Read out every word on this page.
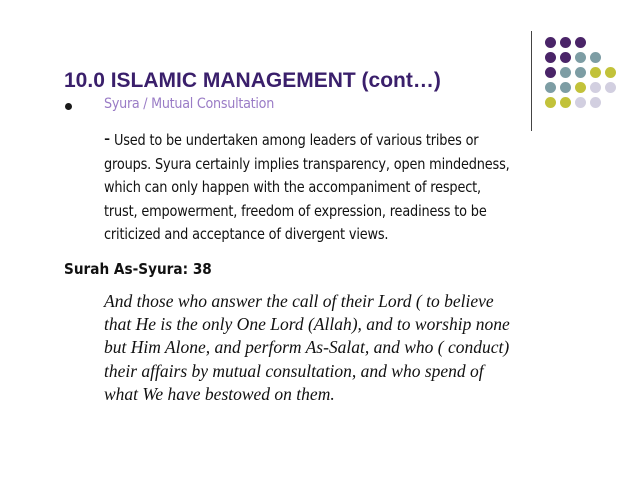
10.0 ISLAMIC MANAGEMENT (cont…)
Syura / Mutual Consultation
- Used to be undertaken among leaders of various tribes or
groups. Syura certainly implies transparency, open mindedness,
which can only happen with the accompaniment of respect,
trust, empowerment, freedom of expression, readiness to be
criticized and acceptance of divergent views.
Surah As-Syura: 38
And those who answer the call of their Lord ( to believe
that He is the only One Lord (Allah), and to worship none
but Him Alone, and perform As-Salat, and who ( conduct)
their affairs by mutual consultation, and who spend of
what We have bestowed on them.
